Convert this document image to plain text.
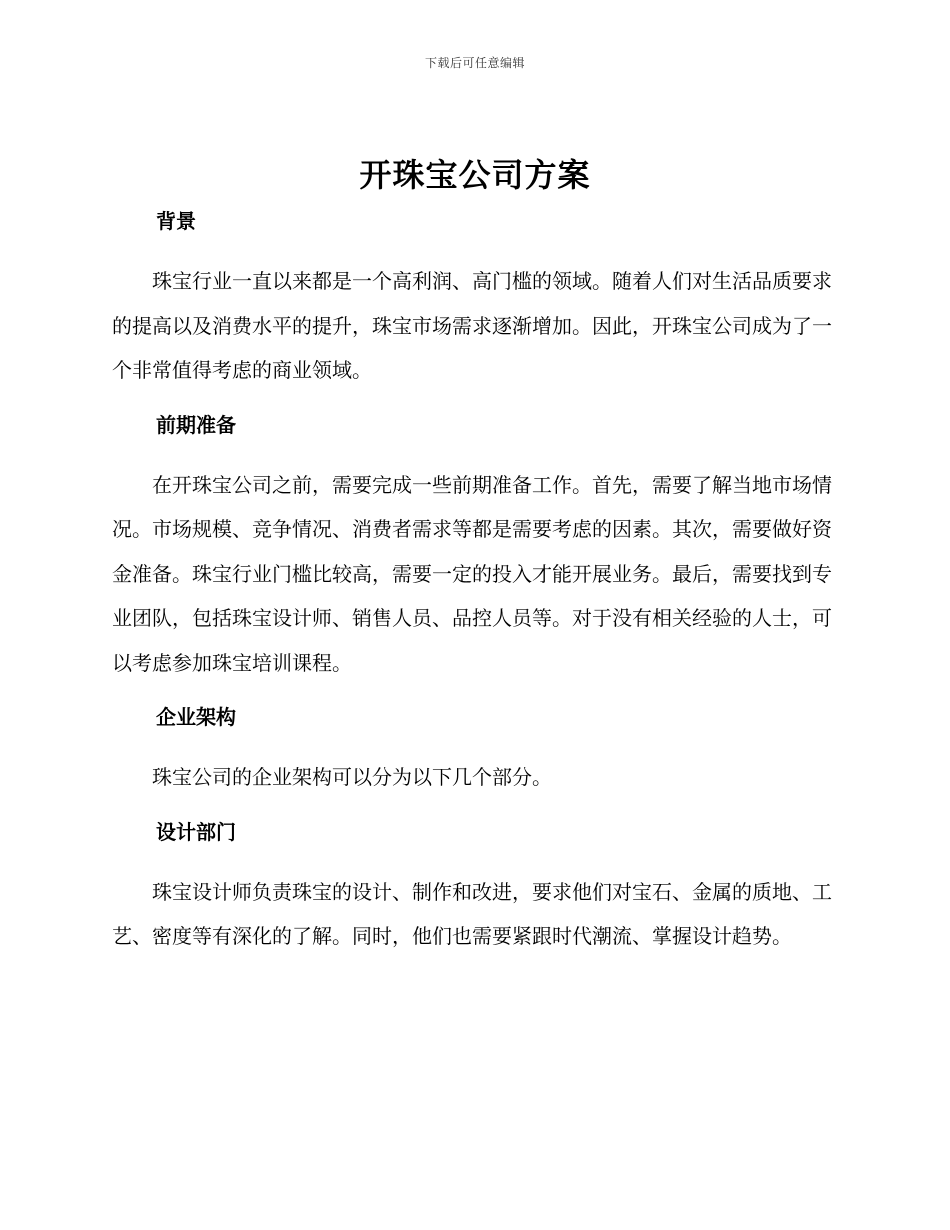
下载后可任意编辑
开珠宝公司方案
背景

珠宝行业一直以来都是一个高利润、高门槛的领域。随着人们对生活品质要求的提高以及消费水平的提升，珠宝市场需求逐渐增加。因此，开珠宝公司成为了一个非常值得考虑的商业领域。

前期准备

在开珠宝公司之前，需要完成一些前期准备工作。首先，需要了解当地市场情况。市场规模、竞争情况、消费者需求等都是需要考虑的因素。其次，需要做好资金准备。珠宝行业门槛比较高，需要一定的投入才能开展业务。最后，需要找到专业团队，包括珠宝设计师、销售人员、品控人员等。对于没有相关经验的人士，可以考虑参加珠宝培训课程。

企业架构

珠宝公司的企业架构可以分为以下几个部分。

设计部门

珠宝设计师负责珠宝的设计、制作和改进，要求他们对宝石、金属的质地、工艺、密度等有深化的了解。同时，他们也需要紧跟时代潮流、掌握设计趋势。
